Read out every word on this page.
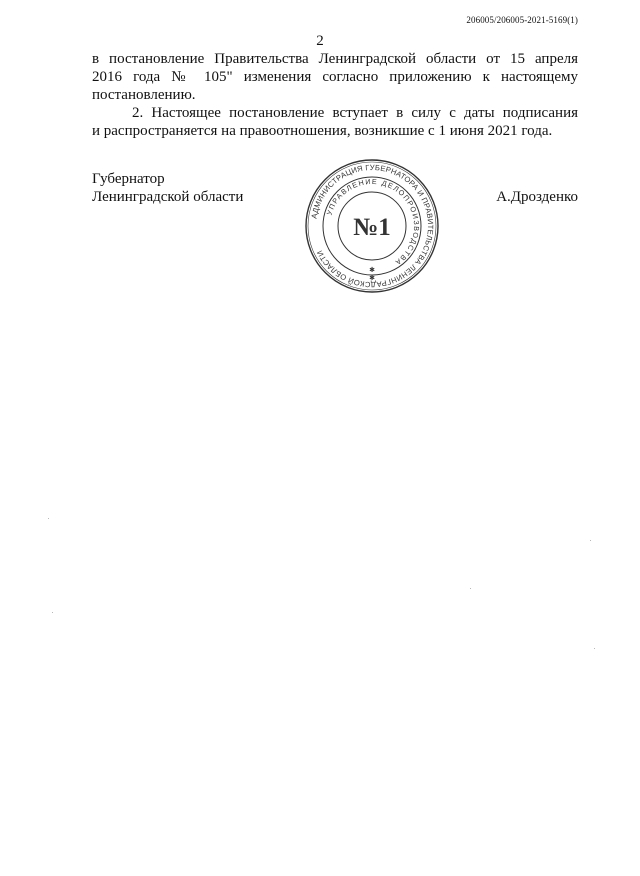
206005/206005-2021-5169(1)
2
в постановление Правительства Ленинградской области от 15 апреля
2016 года № 105" изменения согласно приложению к настоящему
постановлению.
2. Настоящее постановление вступает в силу с даты подписания
и распространяется на правоотношения, возникшие с 1 июня 2021 года.
Губернатор
Ленинградской области	А.Дрозденко
АДМИНИСТРАЦИЯ ГУБЕРНАТОРА И ПРАВИТЕЛЬСТВА ЛЕНИНГРАДСКОЙ ОБЛАСТИ
УПРАВЛЕНИЕ ДЕЛОПРОИЗВОДСТВА
№1
✱
✱
